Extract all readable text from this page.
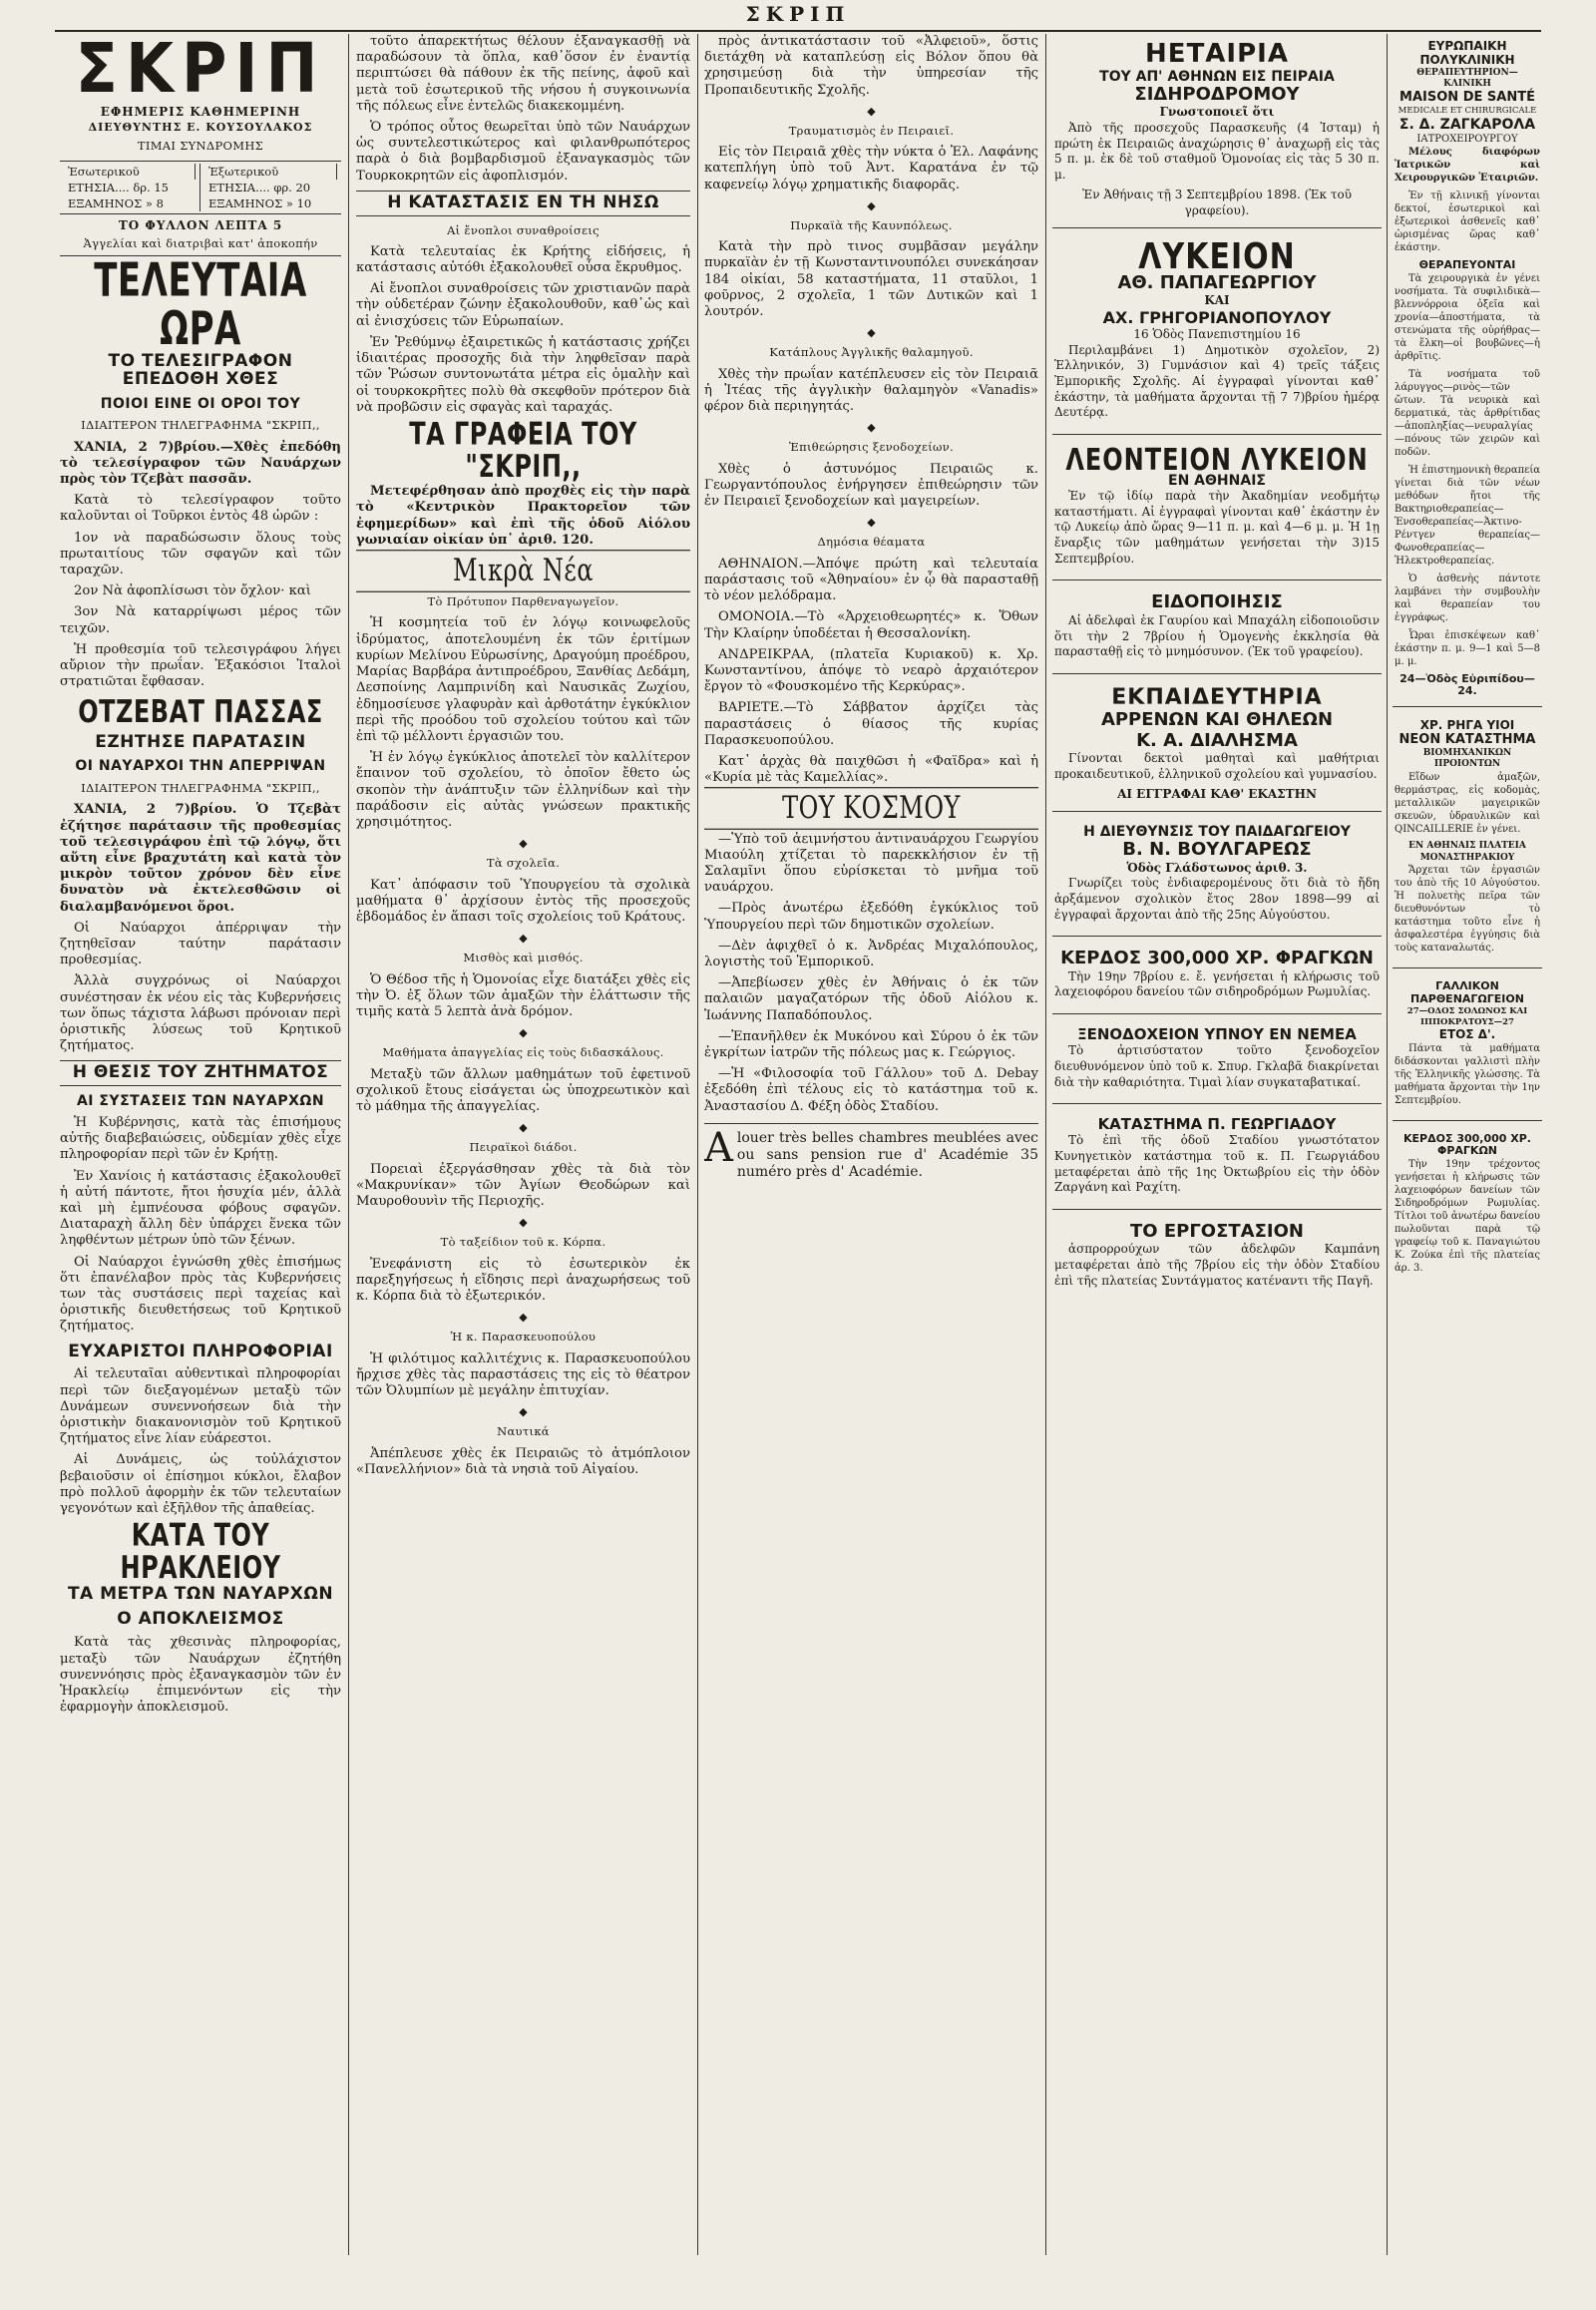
ΣΚΡΙΠ
ΣΚΡΙΠ
ΕΦΗΜΕΡΙΣ ΚΑΘΗΜΕΡΙΝΗ
ΔΙΕΥΘΥΝΤΗΣ Ε. ΚΟΥΣΟΥΛΑΚΟΣ
ΤΙΜΑΙ ΣΥΝΔΡΟΜΗΣ
Ἐσωτερικοῦ
ΕΤΗΣΙΑ.... δρ. 15
ΕΞΑΜΗΝΟΣ » 8
Ἐξωτερικοῦ
ΕΤΗΣΙΑ.... φρ. 20
ΕΞΑΜΗΝΟΣ » 10
ΤΟ ΦΥΛΛΟΝ ΛΕΠΤΑ 5
Ἀγγελίαι καὶ διατριβαὶ κατ' ἀποκοπήν
ΤΕΛΕΥΤΑΙΑ ΩΡΑ
ΤΟ ΤΕΛΕΣΙΓΡΑΦΟΝ ΕΠΕΔΟΘΗ ΧΘΕΣ
ΠΟΙΟΙ ΕΙΝΕ ΟΙ ΟΡΟΙ ΤΟΥ
ΙΔΙΑΙΤΕΡΟΝ ΤΗΛΕΓΡΑΦΗΜΑ "ΣΚΡΙΠ,,

ΧΑΝΙΑ, 2 7)βρίου.—Χθὲς ἐπεδόθη τὸ τελεσίγραφον τῶν Ναυάρχων πρὸς τὸν Τζεβὰτ πασσᾶν.

Κατὰ τὸ τελεσίγραφον τοῦτο καλοῦνται οἱ Τοῦρκοι ἐντὸς 48 ὡρῶν :

1ον νὰ παραδώσωσιν ὅλους τοὺς πρωταιτίους τῶν σφαγῶν καὶ τῶν ταραχῶν.

2ον Νὰ ἀφοπλίσωσι τὸν ὄχλον· καὶ

3ον Νὰ καταρρίψωσι μέρος τῶν τειχῶν.

Ἡ προθεσμία τοῦ τελεσιγράφου λήγει αὔριον τὴν πρωΐαν. Ἐξακόσιοι Ἰταλοὶ στρατιῶται ἔφθασαν.

ΟΤΖΕΒΑΤ ΠΑΣΣΑΣ
ΕΖΗΤΗΣΕ ΠΑΡΑΤΑΣΙΝ
ΟΙ ΝΑΥΑΡΧΟΙ ΤΗΝ ΑΠΕΡΡΙΨΑΝ
ΙΔΙΑΙΤΕΡΟΝ ΤΗΛΕΓΡΑΦΗΜΑ "ΣΚΡΙΠ,,

ΧΑΝΙΑ, 2 7)βρίου. Ὁ Τζεβὰτ ἐζήτησε παράτασιν τῆς προθεσμίας τοῦ τελεσιγράφου ἐπὶ τῷ λόγῳ, ὅτι αὕτη εἶνε βραχυτάτη καὶ κατὰ τὸν μικρὸν τοῦτον χρόνον δὲν εἶνε δυνατὸν νὰ ἐκτελεσθῶσιν οἱ διαλαμβανόμενοι ὅροι.

Οἱ Ναύαρχοι ἀπέρριψαν τὴν ζητηθεῖσαν ταύτην παράτασιν προθεσμίας.

Ἀλλὰ συγχρόνως οἱ Ναύαρχοι συνέστησαν ἐκ νέου εἰς τὰς Κυβερνήσεις των ὅπως τάχιστα λάβωσι πρόνοιαν περὶ ὁριστικῆς λύσεως τοῦ Κρητικοῦ ζητήματος.

Η ΘΕΣΙΣ ΤΟΥ ΖΗΤΗΜΑΤΟΣ
ΑΙ ΣΥΣΤΑΣΕΙΣ ΤΩΝ ΝΑΥΑΡΧΩΝ

Ἡ Κυβέρνησις, κατὰ τὰς ἐπισήμους αὐτῆς διαβεβαιώσεις, οὐδεμίαν χθὲς εἶχε πληροφορίαν περὶ τῶν ἐν Κρήτῃ.

Ἐν Χανίοις ἡ κατάστασις ἐξακολουθεῖ ἡ αὐτή πάντοτε, ἤτοι ἡσυχία μέν, ἀλλὰ καὶ μὴ ἐμπνέουσα φόβους σφαγῶν. Διαταραχὴ ἄλλη δὲν ὑπάρχει ἕνεκα τῶν ληφθέντων μέτρων ὑπὸ τῶν ξένων.

Οἱ Ναύαρχοι ἐγνώσθη χθὲς ἐπισήμως ὅτι ἐπανέλαβον πρὸς τὰς Κυβερνήσεις των τὰς συστάσεις περὶ ταχείας καὶ ὁριστικῆς διευθετήσεως τοῦ Κρητικοῦ ζητήματος.

ΕΥΧΑΡΙΣΤΟΙ ΠΛΗΡΟΦΟΡΙΑΙ

Αἱ τελευταῖαι αὐθεντικαὶ πληροφορίαι περὶ τῶν διεξαγομένων μεταξὺ τῶν Δυνάμεων συνεννοήσεων διὰ τὴν ὁριστικὴν διακανονισμὸν τοῦ Κρητικοῦ ζητήματος εἶνε λίαν εὐάρεστοι.

Αἱ Δυνάμεις, ὡς τοὐλάχιστον βεβαιοῦσιν οἱ ἐπίσημοι κύκλοι, ἔλαβον πρὸ πολλοῦ ἀφορμὴν ἐκ τῶν τελευταίων γεγονότων καὶ ἐξῆλθον τῆς ἀπαθείας.

ΚΑΤΑ ΤΟΥ ΗΡΑΚΛΕΙΟΥ
ΤΑ ΜΕΤΡΑ ΤΩΝ ΝΑΥΑΡΧΩΝ
Ο ΑΠΟΚΛΕΙΣΜΟΣ

Κατὰ τὰς χθεσινὰς πληροφορίας, μεταξὺ τῶν Ναυάρχων ἐζητήθη συνεννόησις πρὸς ἐξαναγκασμὸν τῶν ἐν Ἡρακλείῳ ἐπιμενόντων εἰς τὴν ἐφαρμογὴν ἀποκλεισμοῦ.

τοῦτο ἀπαρεκτήτως θέλουν ἐξαναγκασθῇ νὰ παραδώσουν τὰ ὅπλα, καθ᾽ὅσον ἐν ἐναντίᾳ περιπτώσει θὰ πάθουν ἐκ τῆς πείνης, ἀφοῦ καὶ μετὰ τοῦ ἐσωτερικοῦ τῆς νήσου ἡ συγκοινωνία τῆς πόλεως εἶνε ἐντελῶς διακεκομμένη.

Ὁ τρόπος οὗτος θεωρεῖται ὑπὸ τῶν Ναυάρχων ὡς συντελεστικώτερος καὶ φιλανθρωπότερος παρὰ ὁ διὰ βομβαρδισμοῦ ἐξαναγκασμὸς τῶν Τουρκοκρητῶν εἰς ἀφοπλισμόν.

Η ΚΑΤΑΣΤΑΣΙΣ ΕΝ ΤΗ ΝΗΣΩ
Αἱ ἔνοπλοι συναθροίσεις

Κατὰ τελευταίας ἐκ Κρήτης εἰδήσεις, ἡ κατάστασις αὐτόθι ἐξακολουθεῖ οὖσα ἔκρυθμος.

Αἱ ἔνοπλοι συναθροίσεις τῶν χριστιανῶν παρὰ τὴν οὐδετέραν ζώνην ἐξακολουθοῦν, καθ᾽ὡς καὶ αἱ ἐνισχύσεις τῶν Εὐρωπαίων.

Ἐν Ῥεθύμνῳ ἐξαιρετικῶς ἡ κατάστασις χρήζει ἰδιαιτέρας προσοχῆς διὰ τὴν ληφθεῖσαν παρὰ τῶν Ῥώσων συντονωτάτα μέτρα εἰς ὁμαλὴν καὶ οἱ τουρκοκρῆτες πολὺ θὰ σκεφθοῦν πρότερον διὰ νὰ προβῶσιν εἰς σφαγὰς καὶ ταραχάς.

ΤΑ ΓΡΑΦΕΙΑ ΤΟΥ "ΣΚΡΙΠ,,

Μετεφέρθησαν ἀπὸ προχθὲς εἰς τὴν παρὰ τὸ «Κεντρικὸν Πρακτορεῖον τῶν ἐφημερίδων» καὶ ἐπὶ τῆς ὁδοῦ Αἰόλου γωνιαίαν οἰκίαν ὑπ᾽ ἀριθ. 120.

Μικρὰ Νέα
Τὸ Πρότυπον Παρθεναγωγεῖον.

Ἡ κοσμητεία τοῦ ἐν λόγῳ κοινωφελοῦς ἱδρύματος, ἀποτελουμένη ἐκ τῶν ἐριτίμων κυρίων Μελίνου Εὐρωσίνης, Δραγούμη προέδρου, Μαρίας Βαρβάρα ἀντιπροέδρου, Ξανθίας Δεδάμη, Δεσποίνης Λαμπρινίδη καὶ Ναυσικᾶς Ζωχίου, ἐδημοσίευσε γλαφυρὰν καὶ ἀρθοτάτην ἐγκύκλιον περὶ τῆς προόδου τοῦ σχολείου τούτου καὶ τῶν ἐπὶ τῷ μέλλοντι ἐργασιῶν του.

Ἡ ἐν λόγῳ ἐγκύκλιος ἀποτελεῖ τὸν καλλίτερον ἔπαινον τοῦ σχολείου, τὸ ὁποῖον ἔθετο ὡς σκοπὸν τὴν ἀνάπτυξιν τῶν ἑλληνίδων καὶ τὴν παράδοσιν εἰς αὐτὰς γνώσεων πρακτικῆς χρησιμότητος.

◆
Τὰ σχολεῖα.

Κατ᾽ ἀπόφασιν τοῦ Ὑπουργείου τὰ σχολικὰ μαθήματα θ᾽ ἀρχίσουν ἐντὸς τῆς προσεχοῦς ἑβδομάδος ἐν ἅπασι τοῖς σχολείοις τοῦ Κράτους.

◆
Μισθὸς καὶ μισθός.

Ὁ Θέδοσ τῆς ἡ Ὁμονοίας εἶχε διατάξει χθὲς εἰς τὴν Ὀ. ἐξ ὅλων τῶν ἀμαξῶν τὴν ἐλάττωσιν τῆς τιμῆς κατὰ 5 λεπτὰ ἀνὰ δρόμον.

◆
Μαθήματα ἀπαγγελίας εἰς τοὺς διδασκάλους.

Μεταξὺ τῶν ἄλλων μαθημάτων τοῦ ἐφετινοῦ σχολικοῦ ἔτους εἰσάγεται ὡς ὑποχρεωτικὸν καὶ τὸ μάθημα τῆς ἀπαγγελίας.

◆
Πειραϊκοὶ διάδοι.

Πορειαὶ ἐξεργάσθησαν χθὲς τὰ διὰ τὸν «Μακρυνίκαν» τῶν Ἀγίων Θεοδώρων καὶ Μαυροθουνὶν τῆς Περιοχῆς.

◆
Τὸ ταξείδιον τοῦ κ. Κόρπα.

Ἐνεφάνιστη εἰς τὸ ἐσωτερικὸν ἐκ παρεξηγήσεως ἡ εἴδησις περὶ ἀναχωρήσεως τοῦ κ. Κόρπα διὰ τὸ ἐξωτερικόν.

◆
Ἡ κ. Παρασκευοπούλου

Ἡ φιλότιμος καλλιτέχνις κ. Παρασκευοπούλου ἤρχισε χθὲς τὰς παραστάσεις της εἰς τὸ θέατρον τῶν Ὀλυμπίων μὲ μεγάλην ἐπιτυχίαν.

◆
Ναυτικά

Ἀπέπλευσε χθὲς ἐκ Πειραιῶς τὸ ἀτμόπλοιον «Πανελλήνιον» διὰ τὰ νησιὰ τοῦ Αἰγαίου.

πρὸς ἀντικατάστασιν τοῦ «Ἀλφειοῦ», ὅστις διετάχθη νὰ καταπλεύσῃ εἰς Βόλον ὅπου θὰ χρησιμεύσῃ διὰ τὴν ὑπηρεσίαν τῆς Προπαιδευτικῆς Σχολῆς.

◆
Τραυματισμὸς ἐν Πειραιεῖ.

Εἰς τὸν Πειραιᾶ χθὲς τὴν νύκτα ὁ Ἐλ. Λαφάνης κατεπλήγη ὑπὸ τοῦ Ἀντ. Καρατάνα ἐν τῷ καφενείῳ λόγῳ χρηματικῆς διαφορᾶς.

◆
Πυρκαϊὰ τῆς Καυνπόλεως.

Κατὰ τὴν πρὸ τινος συμβᾶσαν μεγάλην πυρκαϊὰν ἐν τῇ Κωνσταντινουπόλει συνεκάησαν 184 οἰκίαι, 58 καταστήματα, 11 σταῦλοι, 1 φοῦρνος, 2 σχολεῖα, 1 τῶν Δυτικῶν καὶ 1 λουτρόν.

◆
Κατάπλους Ἀγγλικῆς θαλαμηγοῦ.

Χθὲς τὴν πρωΐαν κατέπλευσεν εἰς τὸν Πειραιᾶ ἡ Ἰτέας τῆς ἀγγλικὴν θαλαμηγὸν «Vanadis» φέρον διὰ περιηγητάς.

◆
Ἐπιθεώρησις ξενοδοχείων.

Χθὲς ὁ ἀστυνόμος Πειραιῶς κ. Γεωργαντόπουλος ἐνήργησεν ἐπιθεώρησιν τῶν ἐν Πειραιεῖ ξενοδοχείων καὶ μαγειρείων.

◆
Δημόσια θέαματα

ΑΘΗΝΑΙΟΝ.—Ἀπόψε πρώτη καὶ τελευταία παράστασις τοῦ «Ἀθηναίου» ἐν ᾧ θὰ παρασταθῇ τὸ νέον μελόδραμα.

ΟΜΟΝΟΙΑ.—Τὸ «Ἀρχειοθεωρητές» κ. Ὅθων Τὴν Κλαίρην ὑποδέεται ἡ Θεσσαλονίκη.

ΑΝΔΡΕΙΚΡΑΑ, (πλατεῖα Κυριακοῦ) κ. Χρ. Κωνσταντίνου, ἀπόψε τὸ νεαρὸ ἀρχαιότερον ἔργον τὸ «Φουσκομένο τῆς Κερκύρας».

ΒΑΡΙΕΤΕ.—Τὸ Σάββατον ἀρχίζει τὰς παραστάσεις ὁ θίασος τῆς κυρίας Παρασκευοπούλου.

Κατ᾽ ἀρχὰς θὰ παιχθῶσι ἡ «Φαϊδρα» καὶ ἡ «Κυρία μὲ τὰς Καμελλίας».

ΤΟΥ ΚΟΣΜΟΥ

—Ὑπὸ τοῦ ἀειμνήστου ἀντιναυάρχου Γεωργίου Μιαούλη χτίζεται τὸ παρεκκλήσιον ἐν τῇ Σαλαμῖνι ὅπου εὑρίσκεται τὸ μνῆμα τοῦ ναυάρχου.

—Πρὸς ἀνωτέρω ἐξεδόθη ἐγκύκλιος τοῦ Ὑπουργείου περὶ τῶν δημοτικῶν σχολείων.

—Δὲν ἀφιχθεῖ ὁ κ. Ἀνδρέας Μιχαλόπουλος, λογιστὴς τοῦ Ἐμπορικοῦ.

—Ἀπεβίωσεν χθὲς ἐν Ἀθήναις ὁ ἐκ τῶν παλαιῶν μαγαζατόρων τῆς ὁδοῦ Αἰόλου κ. Ἰωάννης Παπαδόπουλος.

—Ἐπανῆλθεν ἐκ Μυκόνου καὶ Σύρου ὁ ἐκ τῶν ἐγκρίτων ἰατρῶν τῆς πόλεως μας κ. Γεώργιος.

—Ἡ «Φιλοσοφία τοῦ Γάλλου» τοῦ Δ. Debay ἐξεδόθη ἐπὶ τέλους εἰς τὸ κατάστημα τοῦ κ. Ἀναστασίου Δ. Φέξη ὁδὸς Σταδίου.

Alouer très belles chambres meublées avec ou sans pension rue d' Académie 35 numéro près d' Académie.
ΗΕΤΑΙΡΙΑ
ΤΟΥ ΑΠ' ΑΘΗΝΩΝ ΕΙΣ ΠΕΙΡΑΙΑ
ΣΙΔΗΡΟΔΡΟΜΟΥ
Γνωστοποιεῖ ὅτι

Ἀπὸ τῆς προσεχοῦς Παρασκευῆς (4 Ἰσταμ) ἡ πρώτη ἐκ Πειραιῶς ἀναχώρησις θ᾽ ἀναχωρῇ εἰς τὰς 5 π. μ. ἐκ δὲ τοῦ σταθμοῦ Ὁμονοίας εἰς τὰς 5 30 π. μ.

Ἐν Ἀθήναις τῇ 3 Σεπτεμβρίου 1898. (Ἐκ τοῦ γραφείου).
ΛΥΚΕΙΟΝ
ΑΘ. ΠΑΠΑΓΕΩΡΓΙΟΥ
ΚΑΙ
ΑΧ. ΓΡΗΓΟΡΙΑΝΟΠΟΥΛΟΥ
16 Ὁδὸς Πανεπιστημίου 16

Περιλαμβάνει 1) Δημοτικὸν σχολεῖον, 2) Ἑλληνικόν, 3) Γυμνάσιον καὶ 4) τρεῖς τάξεις Ἐμπορικῆς Σχολῆς. Αἱ ἐγγραφαὶ γίνονται καθ᾽ ἑκάστην, τὰ μαθήματα ἄρχονται τῇ 7 7)βρίου ἡμέρᾳ Δευτέρᾳ.

ΛΕΟΝΤΕΙΟΝ ΛΥΚΕΙΟΝ
ΕΝ ΑΘΗΝΑΙΣ

Ἐν τῷ ἰδίῳ παρὰ τὴν Ἀκαδημίαν νεοδμήτῳ καταστήματι. Αἱ ἐγγραφαὶ γίνονται καθ᾽ ἑκάστην ἐν τῷ Λυκείῳ ἀπὸ ὥρας 9—11 π. μ. καὶ 4—6 μ. μ. Ἡ 1ῃ ἔναρξις τῶν μαθημάτων γενήσεται τὴν 3)15 Σεπτεμβρίου.

ΕΙΔΟΠΟΙΗΣΙΣ

Αἱ ἀδελφαὶ ἐκ Γαυρίου καὶ Μπαχάλη εἰδοποιοῦσιν ὅτι τὴν 2 7βρίου ἡ Ὁμογενὴς ἐκκλησία θὰ παρασταθῇ εἰς τὸ μνημόσυνον. (Ἐκ τοῦ γραφείου).

ΕΚΠΑΙΔΕΥΤΗΡΙΑ
ΑΡΡΕΝΩΝ ΚΑΙ ΘΗΛΕΩΝ
Κ. Α. ΔΙΑΛΗΣΜΑ

Γίνονται δεκτοὶ μαθηταὶ καὶ μαθήτριαι προκαιδευτικοῦ, ἑλληνικοῦ σχολείου καὶ γυμνασίου.

ΑΙ ΕΓΓΡΑΦΑΙ ΚΑΘ' ΕΚΑΣΤΗΝ
Η ΔΙΕΥΘΥΝΣΙΣ ΤΟΥ ΠΑΙΔΑΓΩΓΕΙΟΥ
Β. Ν. ΒΟΥΛΓΑΡΕΩΣ
Ὁδὸς Γλάδστωνος ἀριθ. 3.

Γνωρίζει τοὺς ἐνδιαφερομένους ὅτι διὰ τὸ ἤδη ἀρξάμενον σχολικὸν ἔτος 28ον 1898—99 αἱ ἐγγραφαὶ ἄρχονται ἀπὸ τῆς 25ης Αὐγούστου.

ΚΕΡΔΟΣ 300,000 ΧΡ. ΦΡΑΓΚΩΝ

Τὴν 19ην 7βρίου ε. ἔ. γενήσεται ἡ κλήρωσις τοῦ λαχειοφόρου δανείου τῶν σιδηροδρόμων Ρωμυλίας.

ΞΕΝΟΔΟΧΕΙΟΝ ΥΠΝΟΥ ΕΝ ΝΕΜΕΑ

Τὸ ἀρτισύστατον τοῦτο ξενοδοχεῖον διευθυνόμενον ὑπὸ τοῦ κ. Σπυρ. Γκλαβᾶ διακρίνεται διὰ τὴν καθαριότητα. Τιμαὶ λίαν συγκαταβατικαί.

ΚΑΤΑΣΤΗΜΑ Π. ΓΕΩΡΓΙΑΔΟΥ

Τὸ ἐπὶ τῆς ὁδοῦ Σταδίου γνωστότατον Κυνηγετικὸν κατάστημα τοῦ κ. Π. Γεωργιάδου μεταφέρεται ἀπὸ τῆς 1ης Ὀκτωβρίου εἰς τὴν ὁδὸν Ζαργάνη καὶ Ραχίτη.

ΤΟ ΕΡΓΟΣΤΑΣΙΟΝ

ἀσπρορρούχων τῶν ἀδελφῶν Καμπάνη μεταφέρεται ἀπὸ τῆς 7βρίου εἰς τὴν ὁδὸν Σταδίου ἐπὶ τῆς πλατείας Συντάγματος κατέναντι τῆς Παγῆ.

ΕΥΡΩΠΑΙΚΗ ΠΟΛΥΚΛΙΝΙΚΗ
ΘΕΡΑΠΕΥΤΗΡΙΟΝ—ΚΛΙΝΙΚΗ
MAISON DE SANTÉ
MEDICALE ET CHIRURGICALE
Σ. Δ. ΖΑΓΚΑΡΟΛΑ
ΙΑΤΡΟΧΕΙΡΟΥΡΓΟΥ

Μέλους διαφόρων Ἰατρικῶν καὶ Χειρουργικῶν Ἑταιριῶν.

Ἐν τῇ κλινικῇ γίνονται δεκτοί, ἐσωτερικοὶ καὶ ἐξωτερικοὶ ἀσθενεῖς καθ᾽ ὡρισμένας ὥρας καθ᾽ ἑκάστην.

ΘΕΡΑΠΕΥΟΝΤΑΙ

Τὰ χειρουργικὰ ἐν γένει νοσήματα. Τὰ συφιλιδικὰ—βλεννόρροια ὀξεῖα καὶ χρονία—ἀποστήματα, τὰ στενώματα τῆς οὐρήθρας—τὰ ἕλκη—οἱ βουβῶνες—ἡ ἀρθρῖτις.

Τὰ νοσήματα τοῦ λάρυγγος—ρινὸς—τῶν ὤτων. Τὰ νευρικὰ καὶ δερματικά, τὰς ἀρθρίτιδας—ἀποπληξίας—νευραλγίας—πόνους τῶν χειρῶν καὶ ποδῶν.

Ἡ ἐπιστημονικὴ θεραπεία γίνεται διὰ τῶν νέων μεθόδων ἤτοι τῆς Βακτηριοθεραπείας—Ἐνσοθεραπείας—Ἀκτινο-Ρέντγεν θεραπείας—Φωνοθεραπείας—Ἠλεκτροθεραπείας.

Ὁ ἀσθενὴς πάντοτε λαμβάνει τὴν συμβουλὴν καὶ θεραπείαν του ἐγγράφως.

Ὧραι ἐπισκέψεων καθ᾽ ἑκάστην π. μ. 9—1 καὶ 5—8 μ. μ.

24—Ὁδὸς Εὐριπίδου—24.
ΧΡ. ΡΗΓΑ ΥΙΟΙ
ΝΕΟΝ ΚΑΤΑΣΤΗΜΑ
ΒΙΟΜΗΧΑΝΙΚΩΝ ΠΡΟΙΟΝΤΩΝ

Εἴδων ἁμαξῶν, θερμάστρας, εἰς κοδομὰς, μεταλλικῶν μαγειρικῶν σκευῶν, ὑδραυλικῶν καὶ QINCAILLERIE ἐν γένει.

ΕΝ ΑΘΗΝΑΙΣ ΠΛΑΤΕΙΑ ΜΟΝΑΣΤΗΡΑΚΙΟΥ

Ἄρχεται τῶν ἐργασιῶν του ἀπὸ τῆς 10 Αὐγούστου. Ἡ πολυετὴς πεῖρα τῶν διευθυνόντων τὸ κατάστημα τοῦτο εἶνε ἡ ἀσφαλεστέρα ἐγγύησις διὰ τοὺς καταναλωτάς.

ΓΑΛΛΙΚΟΝ ΠΑΡΘΕΝΑΓΩΓΕΙΟΝ
27—ΟΔΟΣ ΣΟΛΩΝΟΣ ΚΑΙ ΙΠΠΟΚΡΑΤΟΥΣ—27
ΕΤΟΣ Δ'.

Πάντα τὰ μαθήματα διδάσκονται γαλλιστὶ πλὴν τῆς Ἑλληνικῆς γλώσσης. Τὰ μαθήματα ἄρχονται τὴν 1ην Σεπτεμβρίου.

ΚΕΡΔΟΣ 300,000 ΧΡ. ΦΡΑΓΚΩΝ

Τὴν 19ην τρέχοντος γενήσεται ἡ κλήρωσις τῶν λαχειοφόρων δανείων τῶν Σιδηροδρόμων Ρωμυλίας. Τίτλοι τοῦ ἀνωτέρω δανείου πωλοῦνται παρὰ τῷ γραφείῳ τοῦ κ. Παναγιώτου Κ. Ζούκα ἐπὶ τῆς πλατείας ἀρ. 3.
